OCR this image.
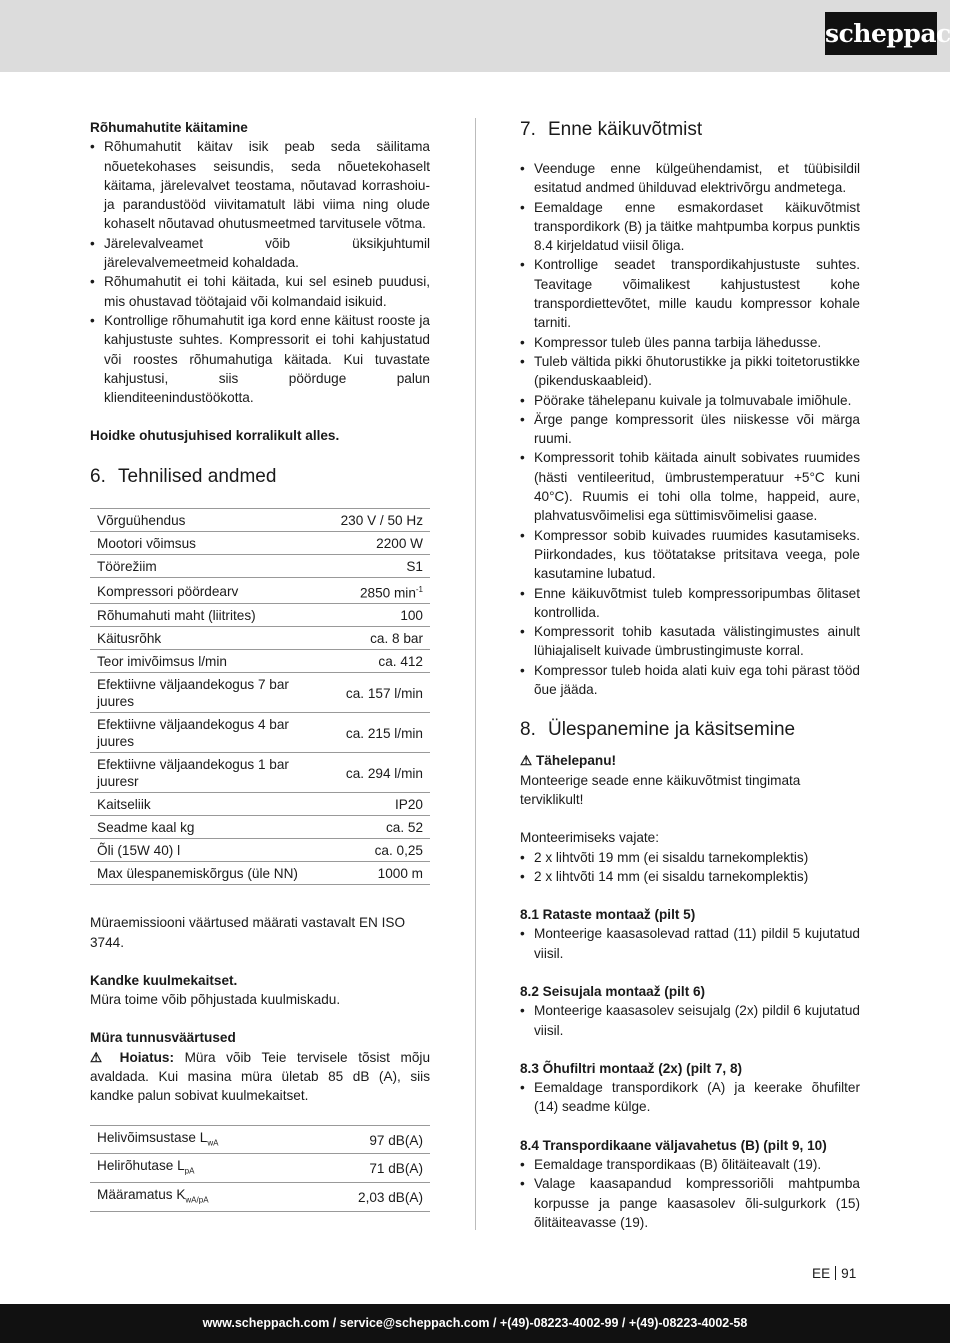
scheppach

Rõhumahutite käitamine

• Rõhumahutit käitav isik peab seda säilitama nõuetekohases seisundis, seda nõuetekohaselt käitama, järelevalvet teostama, nõutavad korrashoiu- ja parandustööd viivitamatult läbi viima ning olude kohaselt nõutavad ohutusmeetmed tarvitusele võtma.
• Järelevalveamet võib üksikjuhtumil järelevalvemeetmeid kohaldada.
• Rõhumahutit ei tohi käitada, kui sel esineb puudusi, mis ohustavad töötajaid või kolmandaid isikuid.
• Kontrollige rõhumahutit iga kord enne käitust rooste ja kahjustuste suhtes. Kompressorit ei tohi kahjustatud või roostes rõhumahutiga käitada. Kui tuvastate kahjustusi, siis pöörduge palun klienditeenindustöökotta.

Hoidke ohutusjuhised korralikult alles.

6. Tehnilised andmed
Võrguühendus	230 V / 50 Hz
Mootori võimsus	2200 W
Töörežiim	S1
Kompressori pöördearv	2850 $\min^{-1}$
Rõhumahuti maht (liitrites)	100
Käitusrõhk	ca. 8 bar
Teor imivõimsus l/min	ca. 412
Efektiivne väljaandekogus 7 bar juures	ca. 157 l/min
Efektiivne väljaandekogus 4 bar juures	ca. 215 l/min
Efektiivne väljaandekogus 1 bar juuresr	ca. 294 l/min
Kaitseliik	IP20
Seadme kaal kg	ca. 52
Õli (15W 40) l	ca. 0,25
Max ülespanemiskõrgus (üle NN)	1000 m

Müraemissiooni väärtused määrati vastavalt EN ISO 3744.

Kandke kuulmekaitset.

Müra toime võib põhjustada kuulmiskadu.

Müra tunnusväärtused

⚠ Hoiatus: Müra võib Teie tervisele tõsist mõju avaldada. Kui masina müra ületab 85 dB (A), siis kandke palun sobivat kuulmekaitset.

Helivõimsustase $L_{wA}$	97 dB(A)
Helirõhutase $L_{pA}$	71 dB(A)
Määramatus $K_{wA/pA}$	2,03 dB(A)
7. Enne käikuvõtmist
• Veenduge enne külgeühendamist, et tüübisildil esitatud andmed ühilduvad elektrivõrgu andmetega.
• Eemaldage enne esmakordaset käikuvõtmist transpordikork (B) ja täitke mahtpumba korpus punktis 8.4 kirjeldatud viisil õliga.
• Kontrollige seadet transpordikahjustuste suhtes. Teavitage võimalikest kahjustustest kohe transpordiettevõtet, mille kaudu kompressor kohale tarniti.
• Kompressor tuleb üles panna tarbija lähedusse.
• Tuleb vältida pikki õhutorustikke ja pikki toitetorustikke (pikenduskaableid).
• Pöörake tähelepanu kuivale ja tolmuvabale imiõhule.
• Ärge pange kompressorit üles niiskesse või märga ruumi.
• Kompressorit tohib käitada ainult sobivates ruumides (hästi ventileeritud, ümbrustemperatuur +5°C kuni 40°C). Ruumis ei tohi olla tolme, happeid, aure, plahvatusvõimelisi ega süttimisvõimelisi gaase.
• Kompressor sobib kuivades ruumides kasutamiseks. Piirkondades, kus töötatakse pritsitava veega, pole kasutamine lubatud.
• Enne käikuvõtmist tuleb kompressoripumbas õlitaset kontrollida.
• Kompressorit tohib kasutada välistingimustes ainult lühiajaliselt kuivade ümbrustingimuste korral.
• Kompressor tuleb hoida alati kuiv ega tohi pärast tööd õue jääda.
8. Ülespanemine ja käsitsemine

⚠ Tähelepanu!

Monteerige seade enne käikuvõtmist tingimata terviklikult!

Monteerimiseks vajate:

• 2 x lihtvõti 19 mm (ei sisaldu tarnekomplektis)
• 2 x lihtvõti 14 mm (ei sisaldu tarnekomplektis)

8.1 Rataste montaaž (pilt 5)

• Monteerige kaasasolevad rattad (11) pildil 5 kujutatud viisil.

8.2 Seisujala montaaž (pilt 6)

• Monteerige kaasasolev seisujalg (2x) pildil 6 kujutatud viisil.

8.3 Õhufiltri montaaž (2x) (pilt 7, 8)

• Eemaldage transpordikork (A) ja keerake õhufilter (14) seadme külge.

8.4 Transpordikaane väljavahetus (B) (pilt 9, 10)

• Eemaldage transpordikaas (B) õlitäiteavalt (19).
• Valage kaasapandud kompressoriõli mahtpumba korpusse ja pange kaasasolev õli-sulgurkork (15) õlitäiteavasse (19).
EE 91
www.scheppach.com / service@scheppach.com / +(49)-08223-4002-99 / +(49)-08223-4002-58
